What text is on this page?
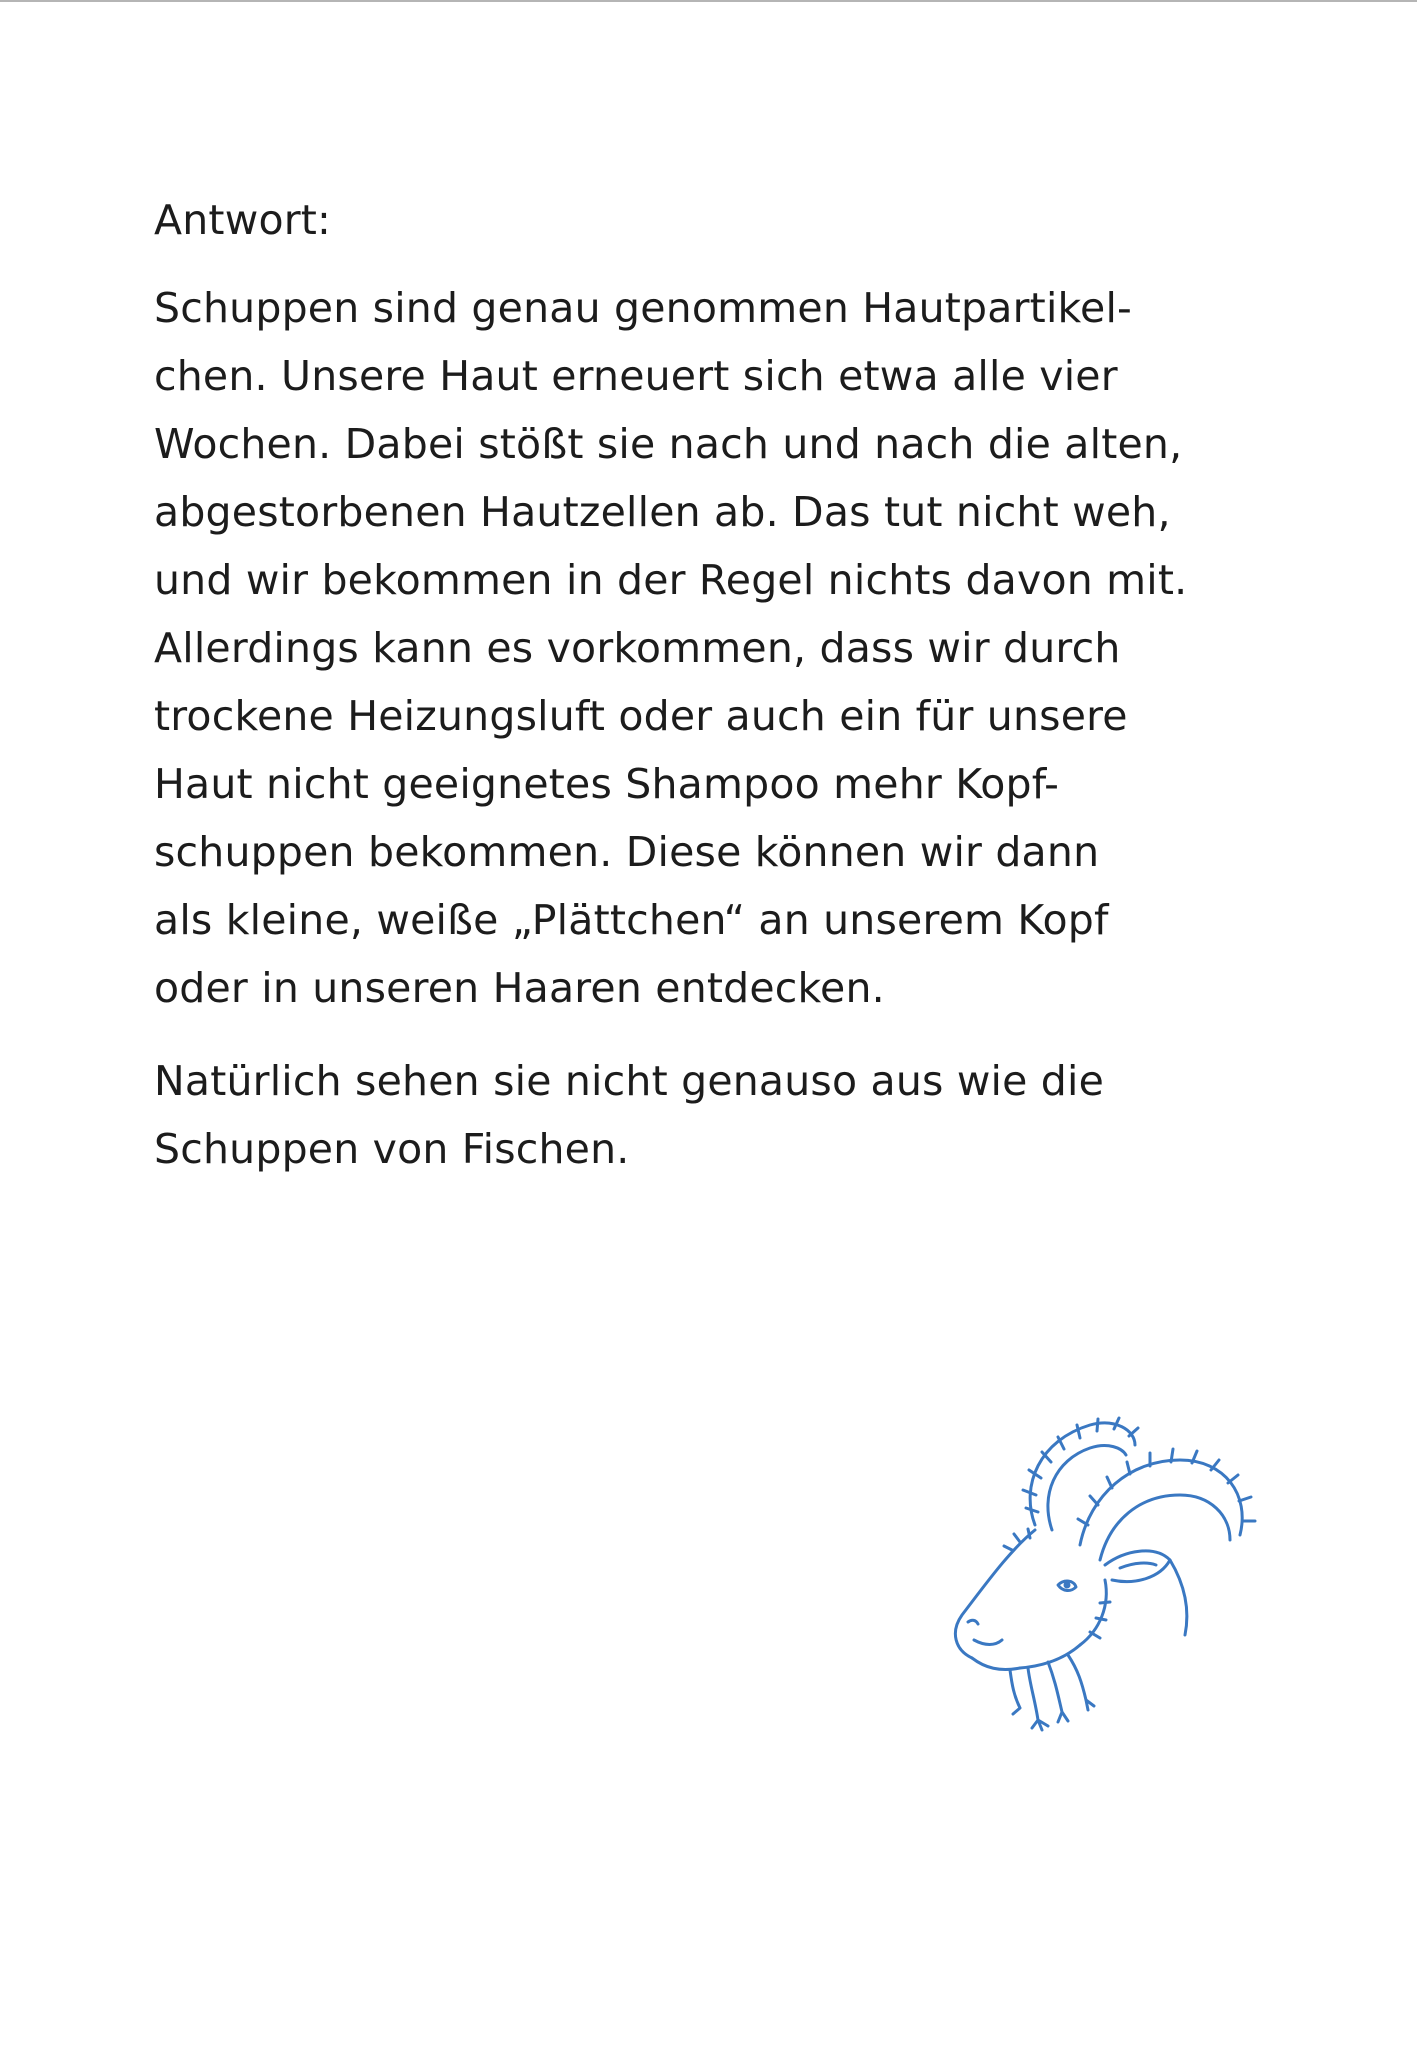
Antwort:
Schuppen sind genau genommen Hautpartikel-
chen. Unsere Haut erneuert sich etwa alle vier
Wochen. Dabei stößt sie nach und nach die alten,
abgestorbenen Hautzellen ab. Das tut nicht weh,
und wir bekommen in der Regel nichts davon mit.
Allerdings kann es vorkommen, dass wir durch
trockene Heizungsluft oder auch ein für unsere
Haut nicht geeignetes Shampoo mehr Kopf-
schuppen bekommen. Diese können wir dann
als kleine, weiße „Plättchen“ an unserem Kopf
oder in unseren Haaren entdecken.
Natürlich sehen sie nicht genauso aus wie die
Schuppen von Fischen.
